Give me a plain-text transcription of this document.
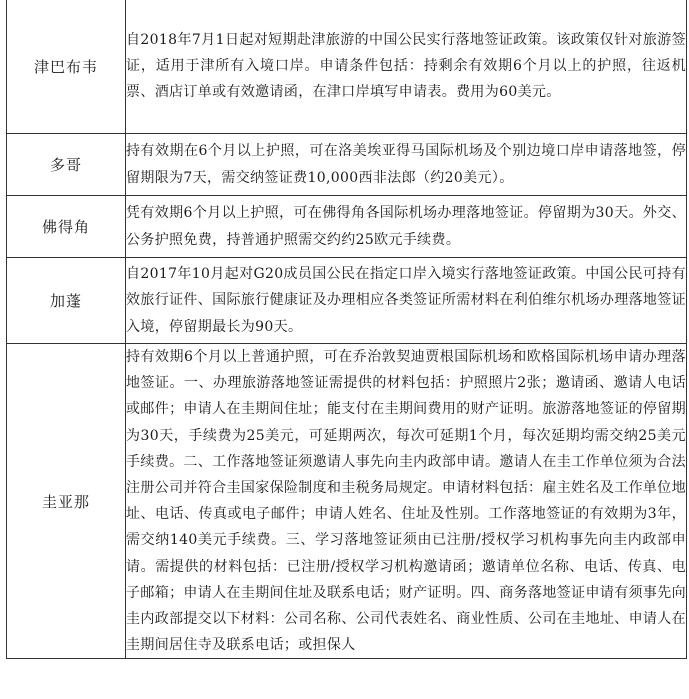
津巴布韦	自2018年7月1日起对短期赴津旅游的中国公民实行落地签证政策。该政策仅针对旅游签证，适用于津所有入境口岸。申请条件包括：持剩余有效期6个月以上的护照，往返机票、酒店订单或有效邀请函，在津口岸填写申请表。费用为60美元。
多哥	持有效期在6个月以上护照，可在洛美埃亚得马国际机场及个别边境口岸申请落地签，停留期限为7天，需交纳签证费10,000西非法郎（约20美元）。
佛得角	凭有效期6个月以上护照，可在佛得角各国际机场办理落地签证。停留期为30天。外交、公务护照免费，持普通护照需交约约25欧元手续费。
加蓬	自2017年10月起对G20成员国公民在指定口岸入境实行落地签证政策。中国公民可持有效旅行证件、国际旅行健康证及办理相应各类签证所需材料在利伯维尔机场办理落地签证入境，停留期最长为90天。
圭亚那	持有效期6个月以上普通护照，可在乔治敦契迪贾根国际机场和欧格国际机场申请办理落地签证。一、办理旅游落地签证需提供的材料包括：护照照片2张；邀请函、邀请人电话或邮件；申请人在圭期间住址；能支付在圭期间费用的财产证明。旅游落地签证的停留期为30天，手续费为25美元，可延期两次，每次可延期1个月，每次延期均需交纳25美元手续费。二、工作落地签证须邀请人事先向圭内政部申请。邀请人在圭工作单位须为合法注册公司并符合圭国家保险制度和圭税务局规定。申请材料包括：雇主姓名及工作单位地址、电话、传真或电子邮件；申请人姓名、住址及性别。工作落地签证的有效期为3年，需交纳140美元手续费。三、学习落地签证须由已注册/授权学习机构事先向圭内政部申请。需提供的材料包括：已注册/授权学习机构邀请函；邀请单位名称、电话、传真、电子邮箱；申请人在圭期间住址及联系电话；财产证明。四、商务落地签证申请有须事先向圭内政部提交以下材料：公司名称、公司代表姓名、商业性质、公司在圭地址、申请人在圭期间居住寺及联系电话；或担保人
